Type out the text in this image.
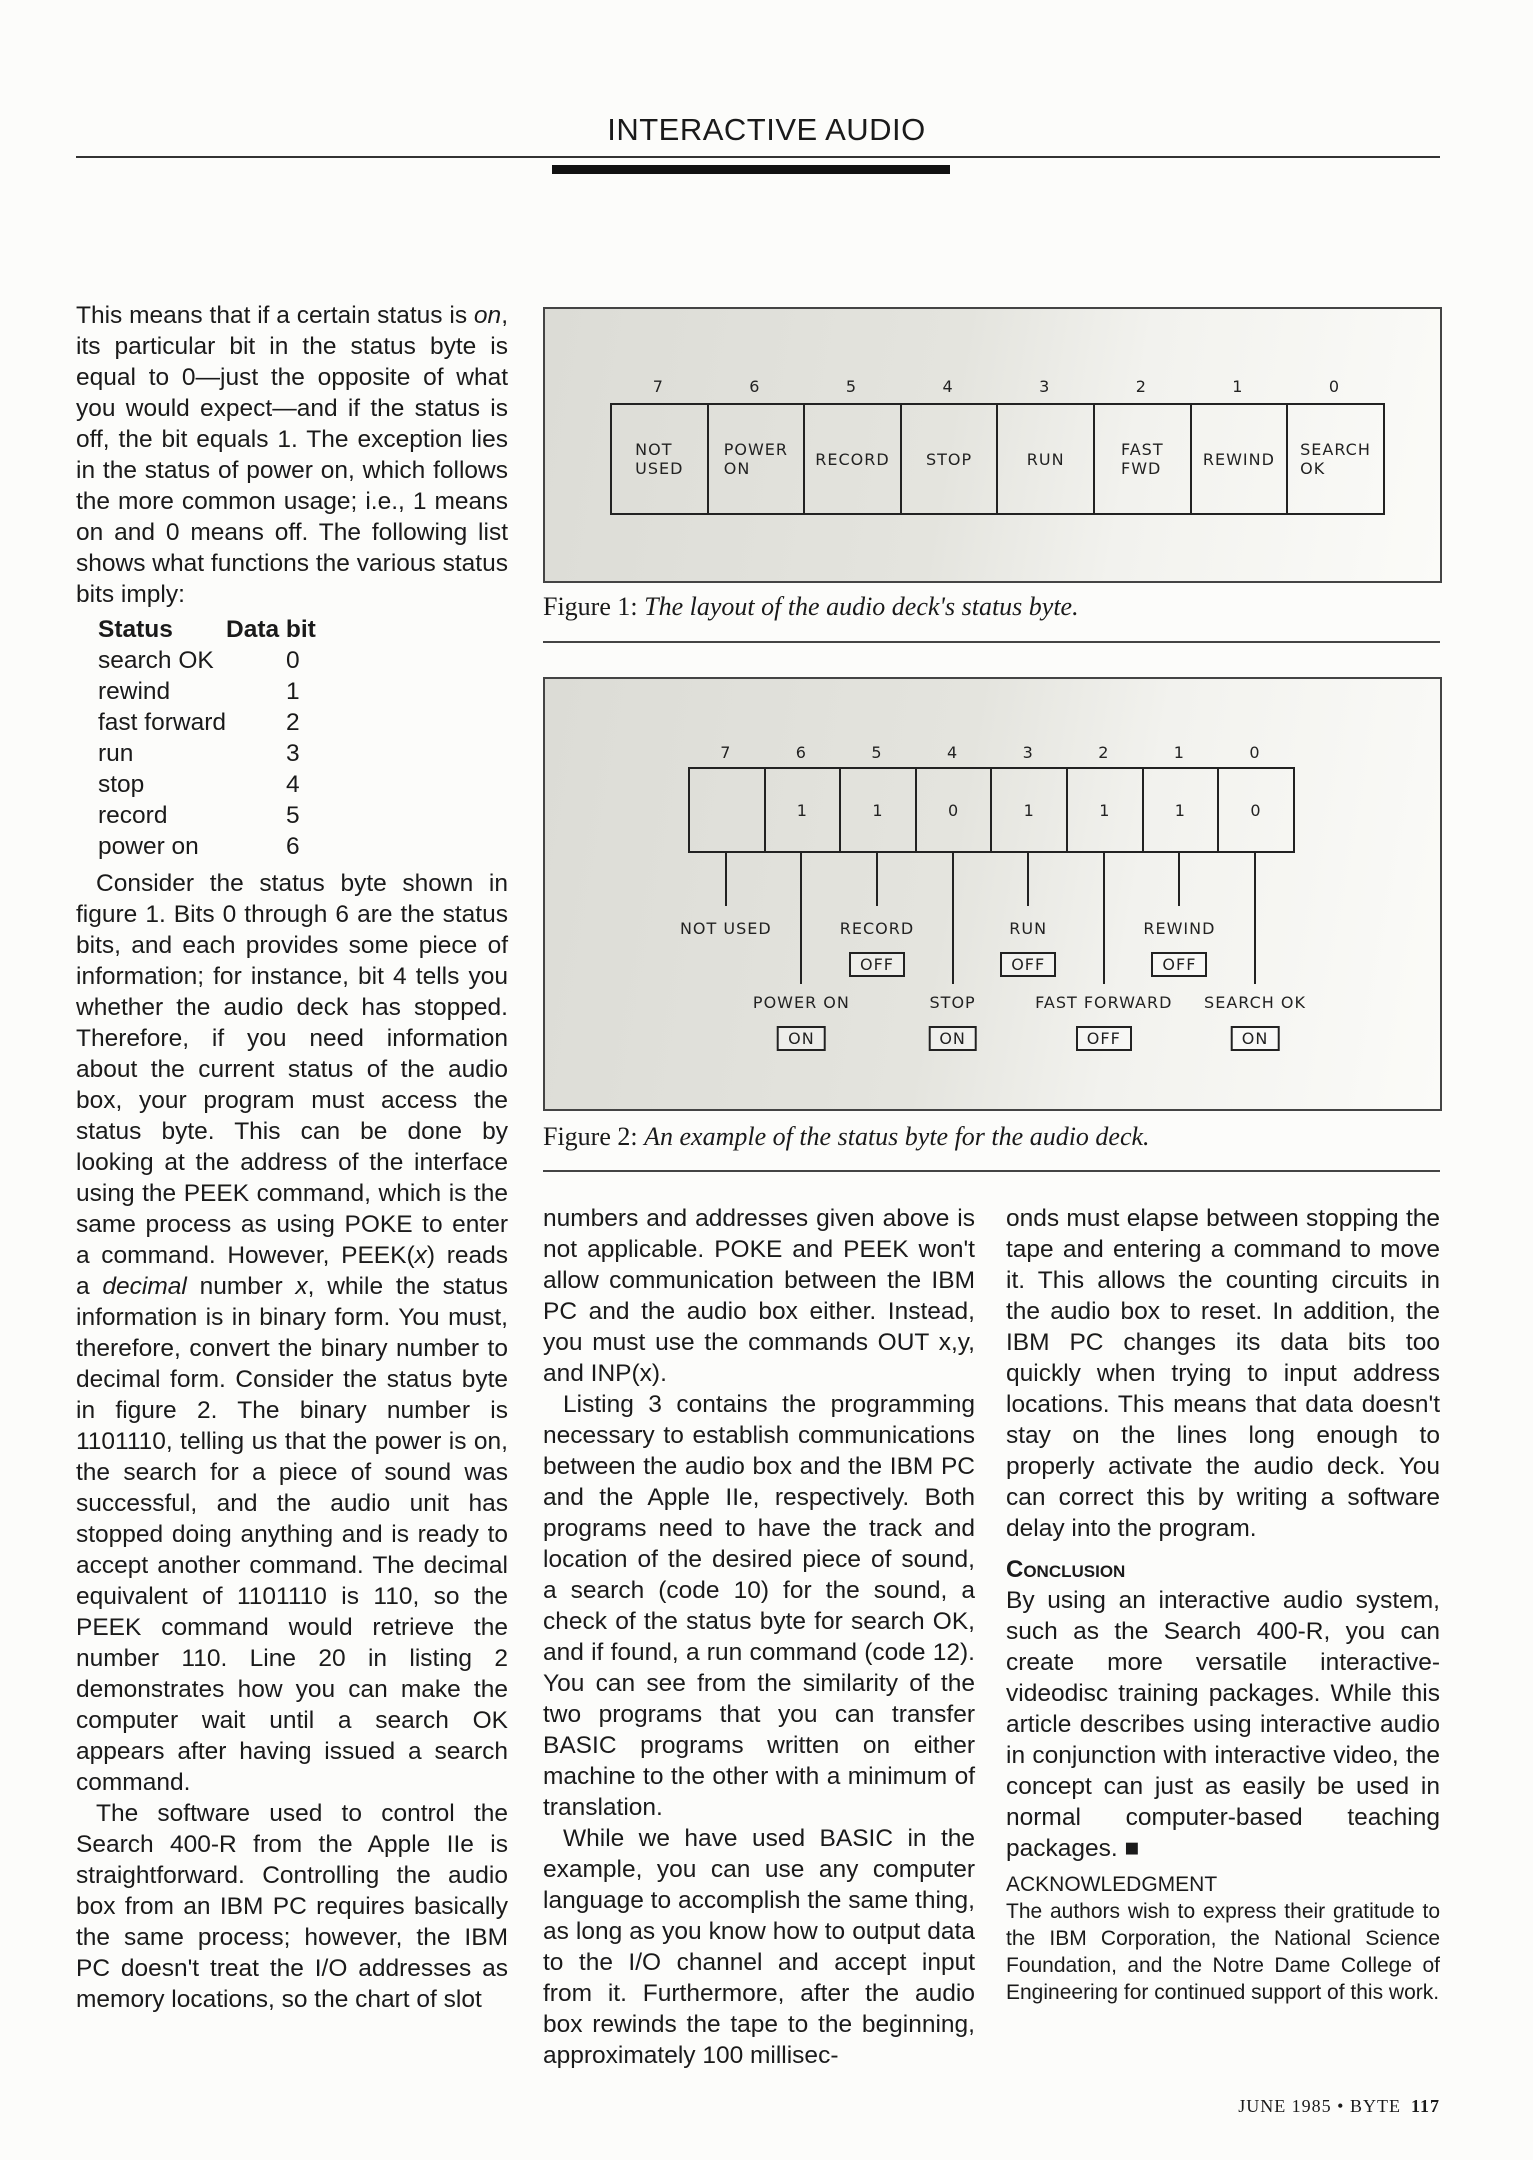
INTERACTIVE AUDIO

This means that if a certain status is on, its particular bit in the status byte is equal to 0—just the opposite of what you would expect—and if the status is off, the bit equals 1. The exception lies in the status of power on, which follows the more common usage; i.e., 1 means on and 0 means off. The following list shows what functions the various status bits imply:

Status	Data bit
search OK	0
rewind	1
fast forward	2
run	3
stop	4
record	5
power on	6

Consider the status byte shown in figure 1. Bits 0 through 6 are the status bits, and each provides some piece of information; for instance, bit 4 tells you whether the audio deck has stopped. Therefore, if you need information about the current status of the audio box, your program must access the status byte. This can be done by looking at the address of the interface using the PEEK command, which is the same process as using POKE to enter a command. However, PEEK(x) reads a decimal number x, while the status information is in binary form. You must, therefore, convert the binary number to decimal form. Consider the status byte in figure 2. The binary number is 1101110, telling us that the power is on, the search for a piece of sound was successful, and the audio unit has stopped doing anything and is ready to accept another command. The decimal equivalent of 1101110 is 110, so the PEEK command would retrieve the number 110. Line 20 in listing 2 demonstrates how you can make the computer wait until a search OK appears after having issued a search command.

The software used to control the Search 400-R from the Apple IIe is straightforward. Controlling the audio box from an IBM PC requires basically the same process; however, the IBM PC doesn't treat the I/O addresses as memory locations, so the chart of slot

7
NOT
USED
6
POWER
ON
5
RECORD
4
STOP
3
RUN
2
FAST
FWD
1
REWIND
0
SEARCH
OK
Figure 1: The layout of the audio deck's status byte.
7
NOT USED
6
1
POWER ON
ON
5
1
RECORD
OFF
4
0
STOP
ON
3
1
RUN
OFF
2
1
FAST FORWARD
OFF
1
1
REWIND
OFF
0
0
SEARCH OK
ON
Figure 2: An example of the status byte for the audio deck.

numbers and addresses given above is not applicable. POKE and PEEK won't allow communication between the IBM PC and the audio box either. Instead, you must use the commands OUT x,y, and INP(x).

Listing 3 contains the programming necessary to establish communications between the audio box and the IBM PC and the Apple IIe, respectively. Both programs need to have the track and location of the desired piece of sound, a search (code 10) for the sound, a check of the status byte for search OK, and if found, a run command (code 12). You can see from the similarity of the two programs that you can transfer BASIC programs written on either machine to the other with a minimum of translation.

While we have used BASIC in the example, you can use any computer language to accomplish the same thing, as long as you know how to output data to the I/O channel and accept input from it. Furthermore, after the audio box rewinds the tape to the beginning, approximately 100 millisec-

onds must elapse between stopping the tape and entering a command to move it. This allows the counting circuits in the audio box to reset. In addition, the IBM PC changes its data bits too quickly when trying to input address locations. This means that data doesn't stay on the lines long enough to properly activate the audio deck. You can correct this by writing a software delay into the program.

Conclusion

By using an interactive audio system, such as the Search 400-R, you can create more versatile interactive-videodisc training packages. While this article describes using interactive audio in conjunction with interactive video, the concept can just as easily be used in normal computer-based teaching packages. ■

ACKNOWLEDGMENT
The authors wish to express their gratitude to the IBM Corporation, the National Science Foundation, and the Notre Dame College of Engineering for continued support of this work.
JUNE 1985 • BYTE 117
